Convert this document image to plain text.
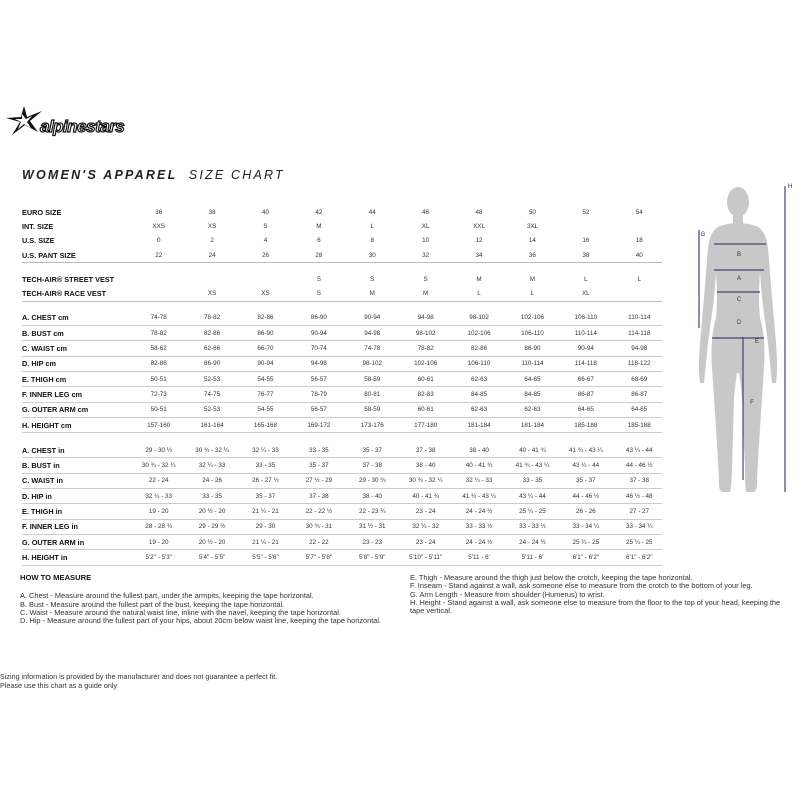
alpinestars
WOMEN'S APPAREL SIZE CHART
EURO SIZE		36		38		40		42		44		46		48		50		52		54
INT. SIZE		XXS		XS		S		M		L		XL		XXL		3XL				
U.S. SIZE		0		2		4		6		8		10		12		14		16		18
U.S. PANT SIZE		22		24		26		28		30		32		34		36		38		40

TECH-AIR® STREET VEST								S		S		S		M		M		L		L
TECH-AIR® RACE VEST				XS		XS		S		M		M		L		L		XL		

A. CHEST cm		74-78		78-82		82-86		86-90		90-94		94-98		98-102		102-106		106-110		110-114
B. BUST cm		78-82		82-86		86-90		90-94		94-98		98-102		102-106		106-110		110-114		114-118
C. WAIST cm		58-62		62-66		66-70		70-74		74-78		78-82		82-86		86-90		90-94		94-98
D. HIP cm		82-86		86-90		90-94		94-98		98-102		102-106		106-110		110-114		114-118		118-122
E. THIGH cm		50-51		52-53		54-55		56-57		58-59		60-61		62-63		64-65		66-67		68-69
F. INNER LEG cm		72-73		74-75		76-77		78-79		80-81		82-83		84-85		84-85		86-87		86-87
G. OUTER ARM cm		50-51		52-53		54-55		56-57		58-59		60-61		62-63		62-63		64-65		64-65
H. HEIGHT cm		157-160		161-164		165-168		169-172		173-176		177-180		181-184		181-184		185-188		185-188

A. CHEST in		29 - 30 ½		30 ¾ - 32 ¼		32 ¼ - 33		33 - 35		35 - 37		37 - 38		38 - 40		40 - 41 ¾		41 ¾ - 43 ¼		43 ¼ - 44
B. BUST in		30 ¾ - 32 ¼		32 ¼ - 33		33 - 35		35 - 37		37 - 38		38 - 40		40 - 41 ¾		41 ¾ - 43 ¼		43 ¼ - 44		44 - 46 ½
C. WAIST in		22 - 24		24 - 26		26 - 27 ½		27 ½ - 29		29 - 30 ¾		30 ¾ - 32 ¼		32 ¼ - 33		33 - 35		35 - 37		37 - 38
D. HIP in		32 ¼ - 33		33 - 35		35 - 37		37 - 38		38 - 40		40 - 41 ¾		41 ¾ - 43 ¼		43 ¼ - 44		44 - 46 ½		46 ½ - 48
E. THIGH in		19 - 20		20 ½ - 20		21 ¼ - 21		22 - 22 ½		22 - 23 ¼		23 - 24		24 - 24 ½		25 ¼ - 25		26 - 26		27 - 27
F. INNER LEG in		28 - 28 ¾		29 - 29 ½		29 - 30		30 ¾ - 31		31 ½ - 31		32 ¼ - 32		33 - 33 ½		33 - 33 ½		33 - 34 ¼		33 - 34 ¼
G. OUTER ARM in		19 - 20		20 ½ - 20		21 ¼ - 21		22 - 22		23 - 23		23 - 24		24 - 24 ½		24 - 24 ½		25 ¼ - 25		25 ¼ - 25
H. HEIGHT in		5'2" - 5'3"		5'4" - 5'5"		5'5" - 5'6"		5'7" - 5'8"		5'8" - 5'9"		5'10" - 5'11"		5'11 - 6'		5'11 - 6'		6'1" - 6'2"		6'1" - 6'2"
B
A
C
D
E
F
G
H
HOW TO MEASURE
A. Chest - Measure around the fullest part, under the armpits, keeping the tape horizontal.
B. Bust - Measure around the fullest part of the bust, keeping the tape horizontal.
C. Waist - Measure around the natural waist line, inline with the navel, keeping the tape horizontal.
D. Hip - Measure around the fullest part of your hips, about 20cm below waist line, keeping the tape horizontal.
E. Thigh - Measure around the thigh just below the crotch, keeping the tape horizontal.
F. Inseam - Stand against a wall, ask someone else to measure from the crotch to the bottom of your leg.
G. Arm Length - Measure from shoulder (Humerus) to wrist.
H. Height - Stand against a wall, ask someone else to measure from the floor to the top of your head, keeping the tape vertical.
Sizing information is provided by the manufacturer and does not guarantee a perfect fit.
Please use this chart as a guide only
